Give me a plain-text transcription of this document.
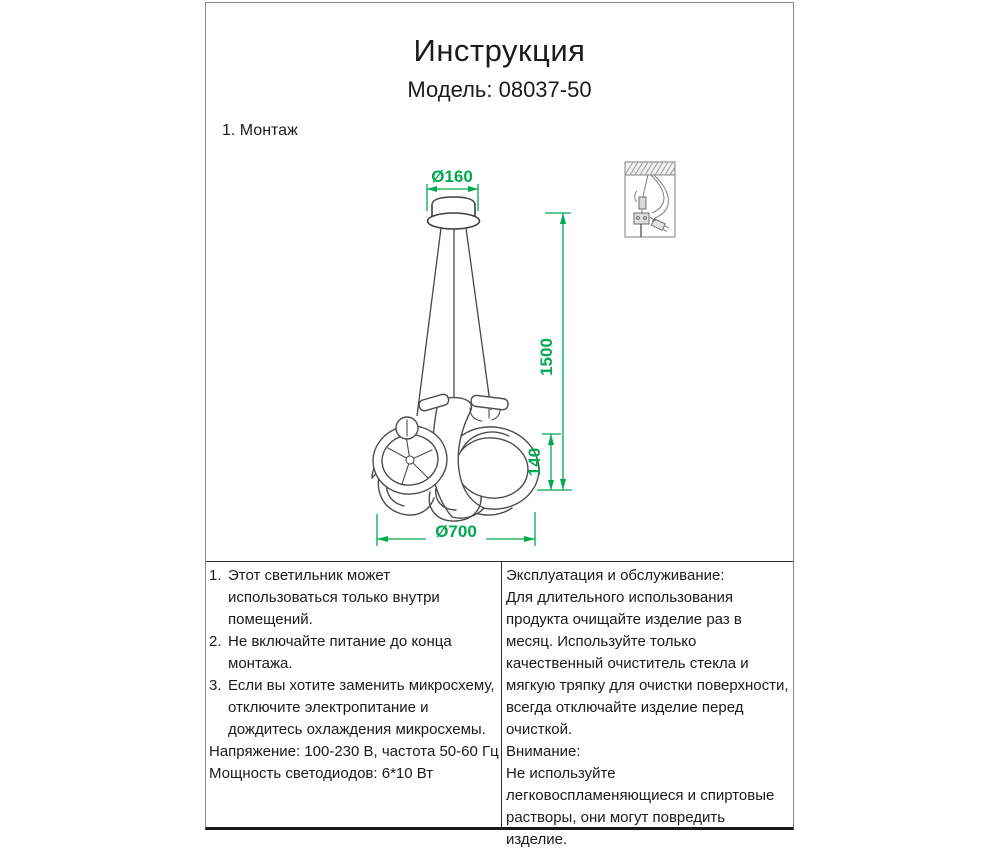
Инструкция
Модель: 08037-50
1. Монтаж
Ø160
1500
140
Ø700
1. Этот светильник может использоваться только внутри помещений.
2. Не включайте питание до конца монтажа.
3. Если вы хотите заменить микросхему, отключите электропитание и дождитесь охлаждения микросхемы.
Напряжение: 100-230 В, частота 50-60 Гц
Мощность светодиодов: 6*10 Вт
Эксплуатация и обслуживание:
Для длительного использования продукта очищайте изделие раз в месяц. Используйте только качественный очиститель стекла и мягкую тряпку для очистки поверхности, всегда отключайте изделие перед очисткой.
Внимание:
Не используйте легковоспламеняющиеся и спиртовые растворы, они могут повредить изделие.
